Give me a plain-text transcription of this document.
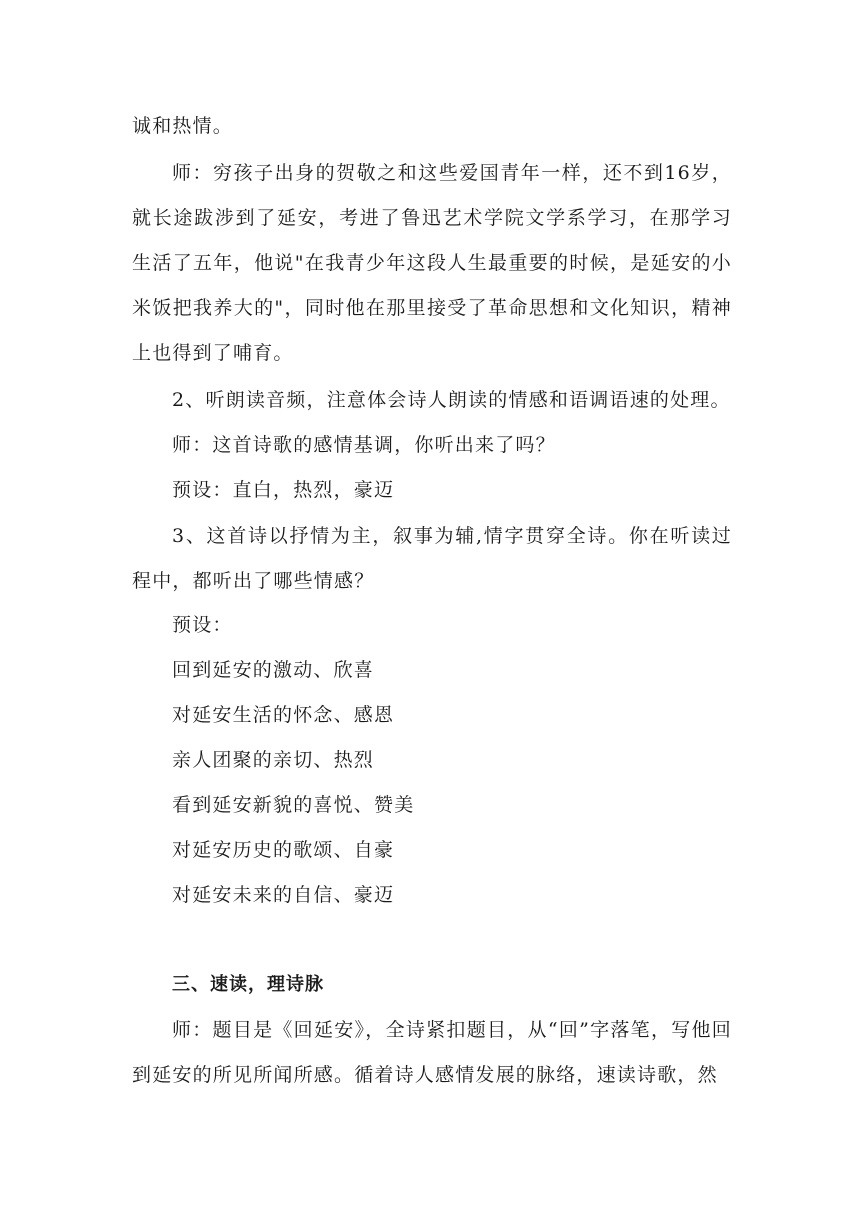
诚和热情。

师：穷孩子出身的贺敬之和这些爱国青年一样，还不到16岁，就长途跋涉到了延安，考进了鲁迅艺术学院文学系学习，在那学习生活了五年，他说"在我青少年这段人生最重要的时候，是延安的小米饭把我养大的"，同时他在那里接受了革命思想和文化知识，精神上也得到了哺育。

2、听朗读音频，注意体会诗人朗读的情感和语调语速的处理。

师：这首诗歌的感情基调，你听出来了吗？

预设：直白，热烈，豪迈

3、这首诗以抒情为主，叙事为辅,情字贯穿全诗。你在听读过程中，都听出了哪些情感？

预设：

回到延安的激动、欣喜

对延安生活的怀念、感恩

亲人团聚的亲切、热烈

看到延安新貌的喜悦、赞美

对延安历史的歌颂、自豪

对延安未来的自信、豪迈

三、速读，理诗脉

师：题目是《回延安》，全诗紧扣题目，从“回”字落笔，写他回到延安的所见所闻所感。循着诗人感情发展的脉络，速读诗歌，然
